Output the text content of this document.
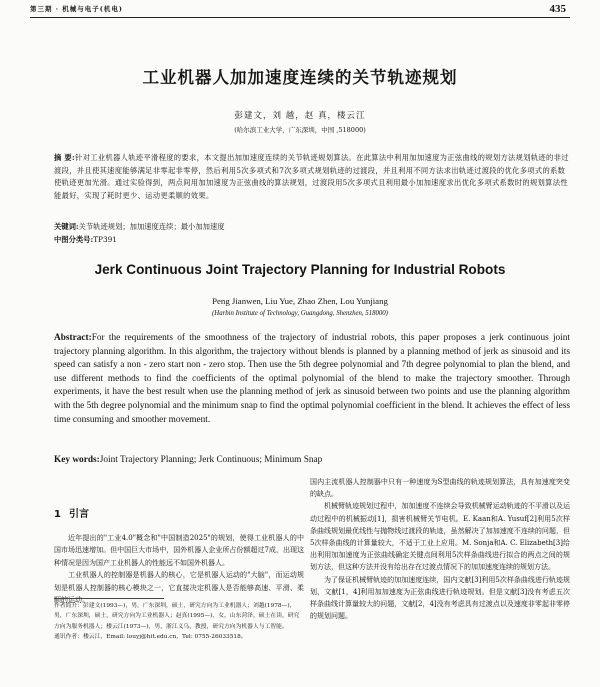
第三期 · 机械与电子(机电)	435
工业机器人加加速度连续的关节轨迹规划
彭建文，刘 越，赵 真，楼云江
(哈尔滨工业大学，广东深圳，中国 ,518000)

摘 要:针对工业机器人轨迹平滑程度的要求，本文提出加加速度连续的关节轨迹规划算法。在此算法中利用加加速度为正弦曲线的规划方法规划轨迹的非过渡段，并且使其速度能够满足非零起非零停，然后利用5次多项式和7次多项式规划轨迹的过渡段，并且利用不同方法求出轨迹过渡段的优化多项式的系数使轨迹更加光滑。通过实验得到，两点间用加加速度为正弦曲线的算法规划，过渡段用5次多项式且利用最小加加速度求出优化多项式系数时的规划算法性能最好，实现了耗时更少、运动更柔顺的效果。

关键词:关节轨迹规划；加加速度连续；最小加加速度

中图分类号:TP391

Jerk Continuous Joint Trajectory Planning for Industrial Robots
Peng Jianwen, Liu Yue, Zhao Zhen, Lou Yunjiang
(Harbin Institute of Technology, Guangdong, Shenzhen, 518000)

Abstract:For the requirements of the smoothness of the trajectory of industrial robots, this paper proposes a jerk continuous joint trajectory planning algorithm. In this algorithm, the trajectory without blends is planned by a planning method of jerk as sinusoid and its speed can satisfy a non - zero start non - zero stop. Then use the 5th degree polynomial and 7th degree polynomial to plan the blend, and use different methods to find the coefficients of the optimal polynomial of the blend to make the trajectory smoother. Through experiments, it have the best result when use the planning method of jerk as sinusoid between two points and use the planning algorithm with the 5th degree polynomial and the minimum snap to find the optimal polynomial coefficient in the blend. It achieves the effect of less time consuming and smoother movement.

Key words:Joint Trajectory Planning; Jerk Continuous; Minimum Snap

1 引言

近年提出的"工业4.0"概念和"中国制造2025"的规划，使得工业机器人的中国市场迅速增加。但中国巨大市场中，国外机器人企业所占份额超过7成，出现这种情况是因为国产工业机器人的性能远不如国外机器人。

工业机器人的控制器是机器人的核心，它是机器人运动的"大脑"，而运动规划是机器人控制器的核心模块之一，它直接决定机器人是否能够高速、平滑、柔顺的运动。

作者简介：彭建文(1993—)，男，广东深圳，硕士，研究方向为工业机器人；刘越(1978—)，男，广东深圳，硕士，研究方向为工业机器人；赵真(1995—)，女，山东菏泽，硕士在读，研究方向为服务机器人；楼云江(1973—)，男，浙江义乌，教授，研究方向为机器人与工智能。

通讯作者：楼云江，Email: louyj@hit.edu.cn，Tel: 0755-26033518。

国内主流机器人控制器中只有一种速度为S型曲线的轨迹规划算法，具有加速度突变的缺点。

机械臂轨迹规划过程中，加加速度不连续会导致机械臂运动轨迹的不平滑以及运动过程中的机械振动[1]，损害机械臂关节电机。E. Kaan和A. Yusuf[2]利用5次样条曲线规划最优线性与抛物线过渡段的轨迹，虽然解决了加加速度不连续的问题，但5次样条曲线的计算量较大，不适于工业上应用。M. Sonja和A. C. Elizabeth[3]给出利用加加速度为正弦曲线确定关键点间利用5次样条曲线进行拟合的两点之间的规划方法，但这种方法并没有给出存在过渡点情况下的加加速度连续的规划方法。

为了保证机械臂轨迹的加加速度连续，国内文献[3]利用5次样条曲线进行轨迹规划，文献[1，4]利用加加速度为正弦曲线进行轨迹规划。但是文献[3]没有考虑五次样条曲线计算量较大的问题，文献[2，4]没有考虑具有过渡点以及速度非零起非零停的规划问题。
